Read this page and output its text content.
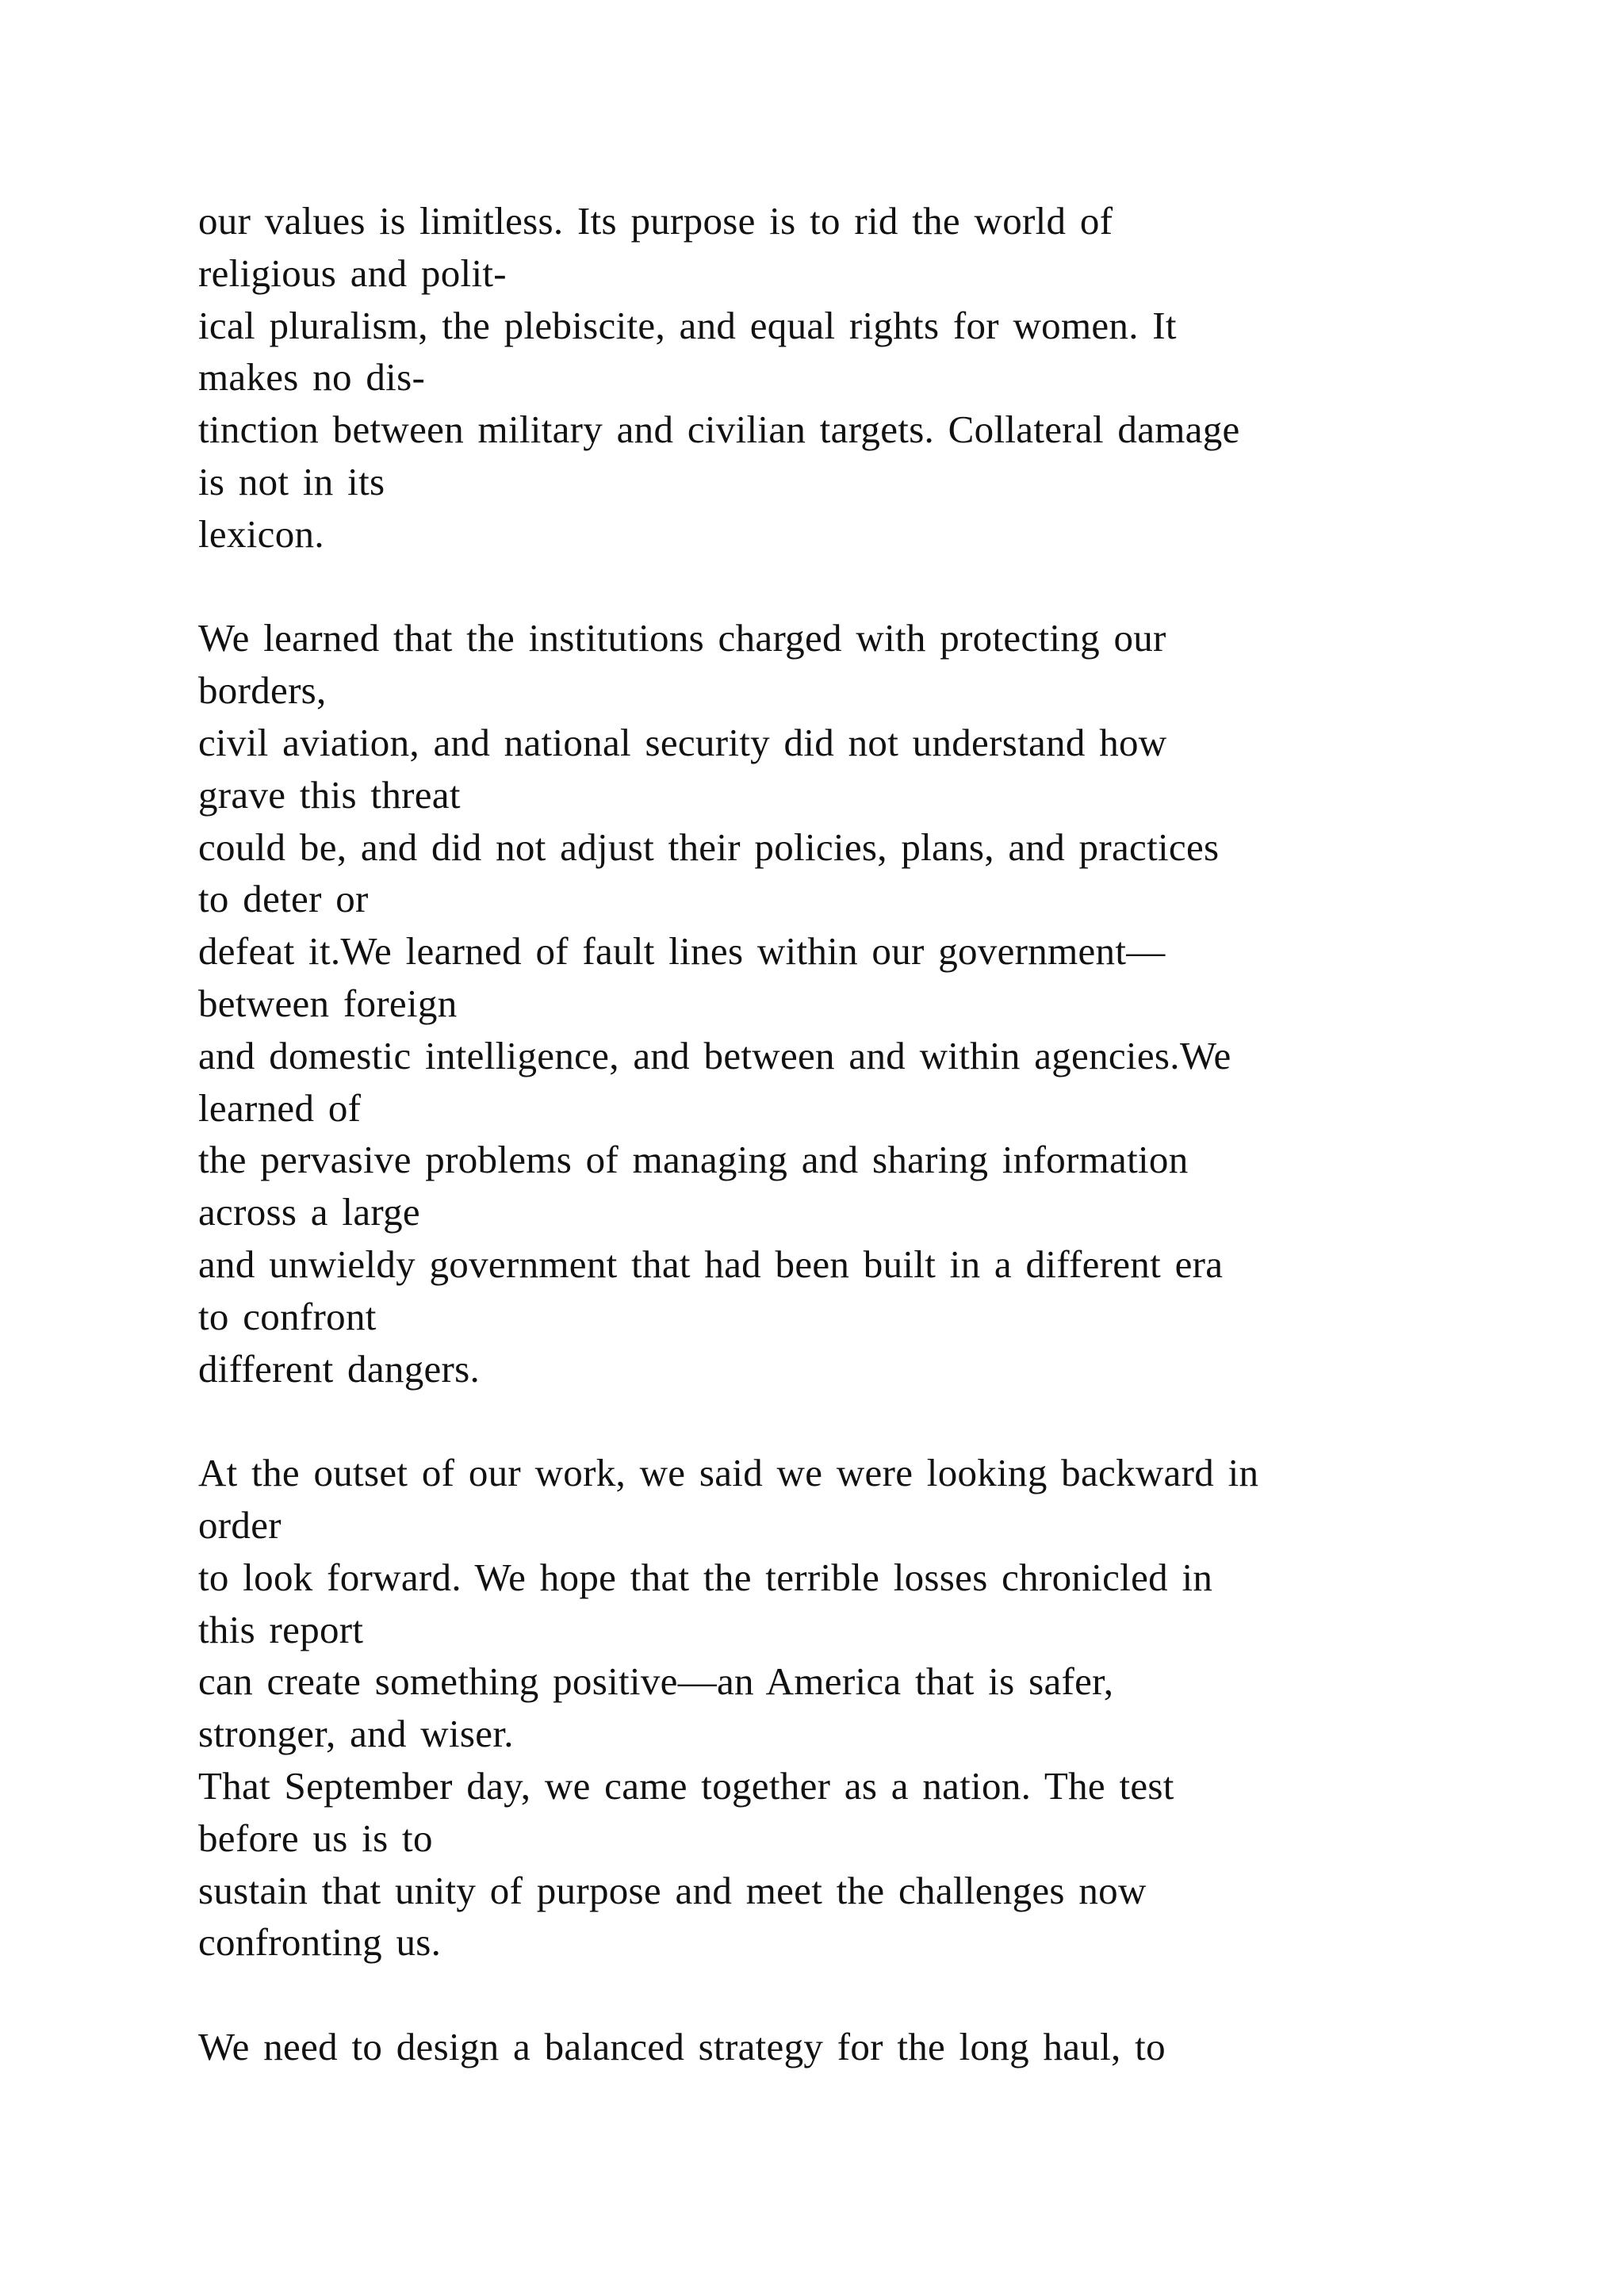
our values is limitless. Its purpose is to rid the world of
religious and polit-
ical pluralism, the plebiscite, and equal rights for women. It
makes no dis-
tinction between military and civilian targets. Collateral damage
is not in its
lexicon.
We learned that the institutions charged with protecting our
borders,
civil aviation, and national security did not understand how
grave this threat
could be, and did not adjust their policies, plans, and practices
to deter or
defeat it.We learned of fault lines within our government—
between foreign
and domestic intelligence, and between and within agencies.We
learned of
the pervasive problems of managing and sharing information
across a large
and unwieldy government that had been built in a different era
to confront
different dangers.
At the outset of our work, we said we were looking backward in
order
to look forward. We hope that the terrible losses chronicled in
this report
can create something positive—an America that is safer,
stronger, and wiser.
That September day, we came together as a nation. The test
before us is to
sustain that unity of purpose and meet the challenges now
confronting us.
We need to design a balanced strategy for the long haul, to
